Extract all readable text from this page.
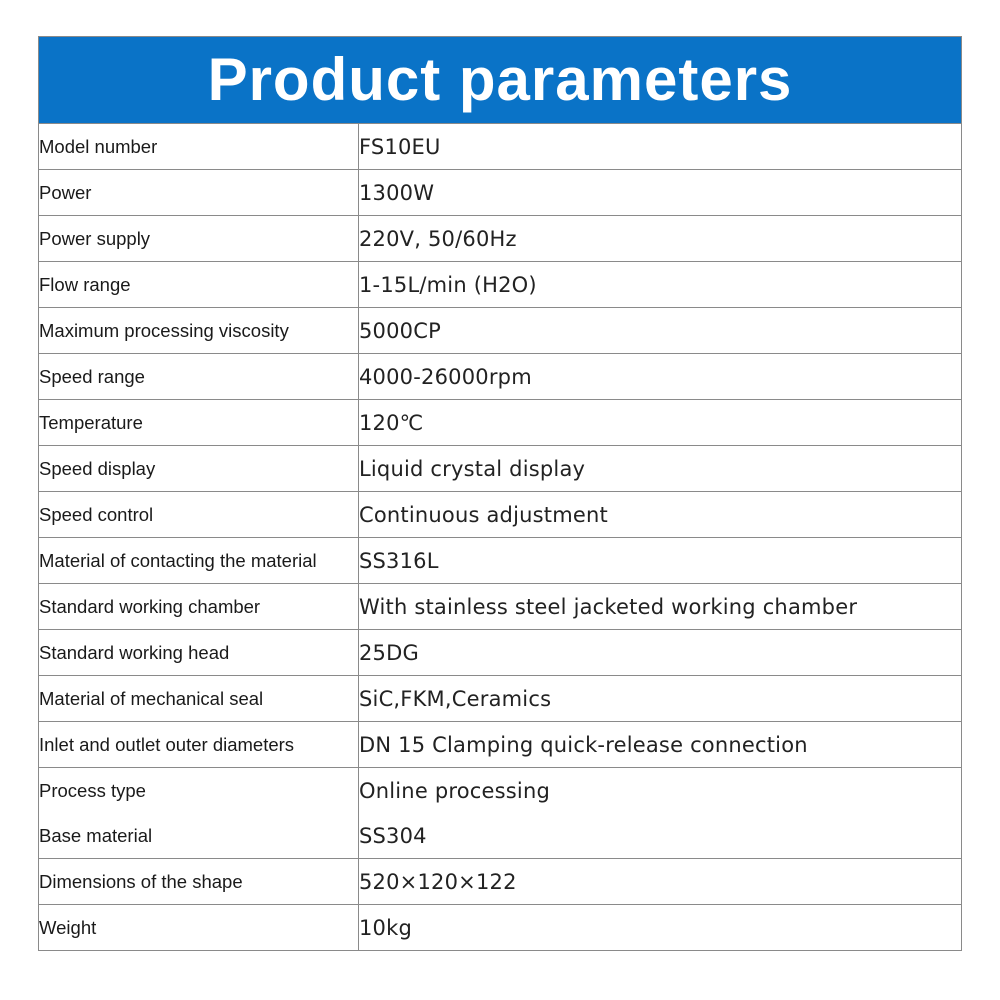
Product parameters
Model number	FS10EU
Power	1300W
Power supply	220V, 50/60Hz
Flow range	1-15L/min (H2O)
Maximum processing viscosity	5000CP
Speed range	4000-26000rpm
Temperature	120℃
Speed display	Liquid crystal display
Speed control	Continuous adjustment
Material of contacting the material	SS316L
Standard working chamber	With stainless steel jacketed working chamber
Standard working head	25DG
Material of mechanical seal	SiC,FKM,Ceramics
Inlet and outlet outer diameters	DN 15 Clamping quick-release connection
Process type	Online processing
Base material	SS304
Dimensions of the shape	520×120×122
Weight	10kg
